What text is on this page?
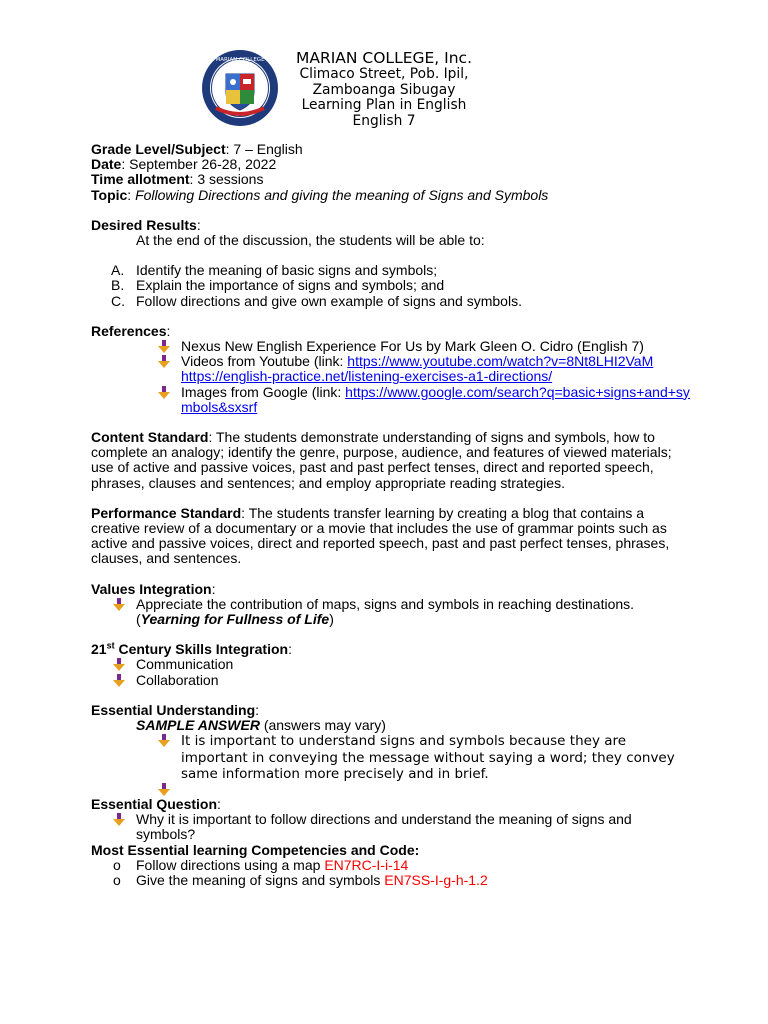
MARIAN COLLEGE	MARIAN COLLEGE, Inc.
Climaco Street, Pob. Ipil,
Zamboanga Sibugay
Learning Plan in English
English 7

Grade Level/Subject: 7 – English

Date: September 26-28, 2022

Time allotment: 3 sessions

Topic: Following Directions and giving the meaning of Signs and Symbols

Desired Results:

At the end of the discussion, the students will be able to:

A. Identify the meaning of basic signs and symbols;
B. Explain the importance of signs and symbols; and
C. Follow directions and give own example of signs and symbols.

References:

Nexus New English Experience For Us by Mark Gleen O. Cidro (English 7)
Videos from Youtube (link: https://www.youtube.com/watch?v=8Nt8LHI2VaM
https://english-practice.net/listening-exercises-a1-directions/
Images from Google (link: https://www.google.com/search?q=basic+signs+and+symbols&sxsrf

Content Standard: The students demonstrate understanding of signs and symbols, how to complete an analogy; identify the genre, purpose, audience, and features of viewed materials; use of active and passive voices, past and past perfect tenses, direct and reported speech, phrases, clauses and sentences; and employ appropriate reading strategies.

Performance Standard: The students transfer learning by creating a blog that contains a creative review of a documentary or a movie that includes the use of grammar points such as active and passive voices, direct and reported speech, past and past perfect tenses, phrases, clauses, and sentences.

Values Integration:

Appreciate the contribution of maps, signs and symbols in reaching destinations.
(Yearning for Fullness of Life)

21st Century Skills Integration:

Communication
Collaboration

Essential Understanding:

SAMPLE ANSWER (answers may vary)

It is important to understand signs and symbols because they are important in conveying the message without saying a word; they convey same information more precisely and in brief.

Essential Question:

Why it is important to follow directions and understand the meaning of signs and symbols?

Most Essential learning Competencies and Code:

o Follow directions using a map EN7RC-I-i-14
o Give the meaning of signs and symbols EN7SS-I-g-h-1.2
